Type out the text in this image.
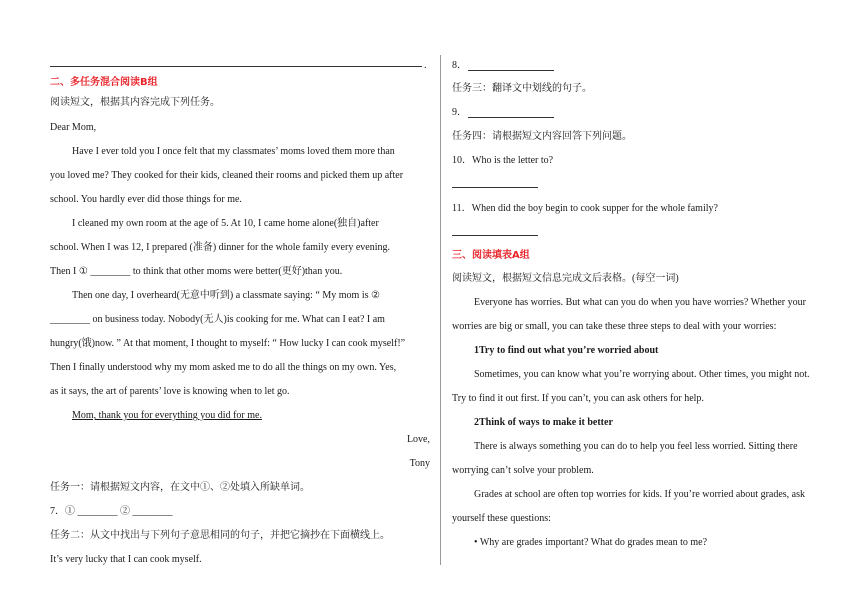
.
二、多任务混合阅读B组
阅读短文，根据其内容完成下列任务。
Dear Mom,
Have I ever told you I once felt that my classmates’ moms loved them more than
you loved me? They cooked for their kids, cleaned their rooms and picked them up after
school. You hardly ever did those things for me.
I cleaned my own room at the age of 5. At 10, I came home alone(独自)after
school. When I was 12, I prepared (准备) dinner for the whole family every evening.
Then I ① ________ to think that other moms were better(更好)than you.
Then one day, I overheard(无意中听到) a classmate saying: “ My mom is ②
________ on business today. Nobody(无人)is cooking for me. What can I eat? I am
hungry(饿)now. ” At that moment, I thought to myself: “ How lucky I can cook myself!”
Then I finally understood why my mom asked me to do all the things on my own. Yes,
as it says, the art of parents’ love is knowing when to let go.
Mom, thank you for everything you did for me.
Love,
Tony
任务一：请根据短文内容，在文中①、②处填入所缺单词。
7．① ________ ② ________
任务二：从文中找出与下列句子意思相同的句子，并把它摘抄在下面横线上。
It’s very lucky that I can cook myself.
8．
任务三：翻译文中划线的句子。
9．
任务四：请根据短文内容回答下列问题。
10．Who is the letter to?
11．When did the boy begin to cook supper for the whole family?
三、阅读填表A组
阅读短文，根据短文信息完成文后表格。(每空一词)
Everyone has worries. But what can you do when you have worries? Whether your
worries are big or small, you can take these three steps to deal with your worries:
1Try to find out what you’re worried about
Sometimes, you can know what you’re worrying about. Other times, you might not.
Try to find it out first. If you can’t, you can ask others for help.
2Think of ways to make it better
There is always something you can do to help you feel less worried. Sitting there
worrying can’t solve your problem.
Grades at school are often top worries for kids. If you’re worried about grades, ask
yourself these questions:
• Why are grades important? What do grades mean to me?
